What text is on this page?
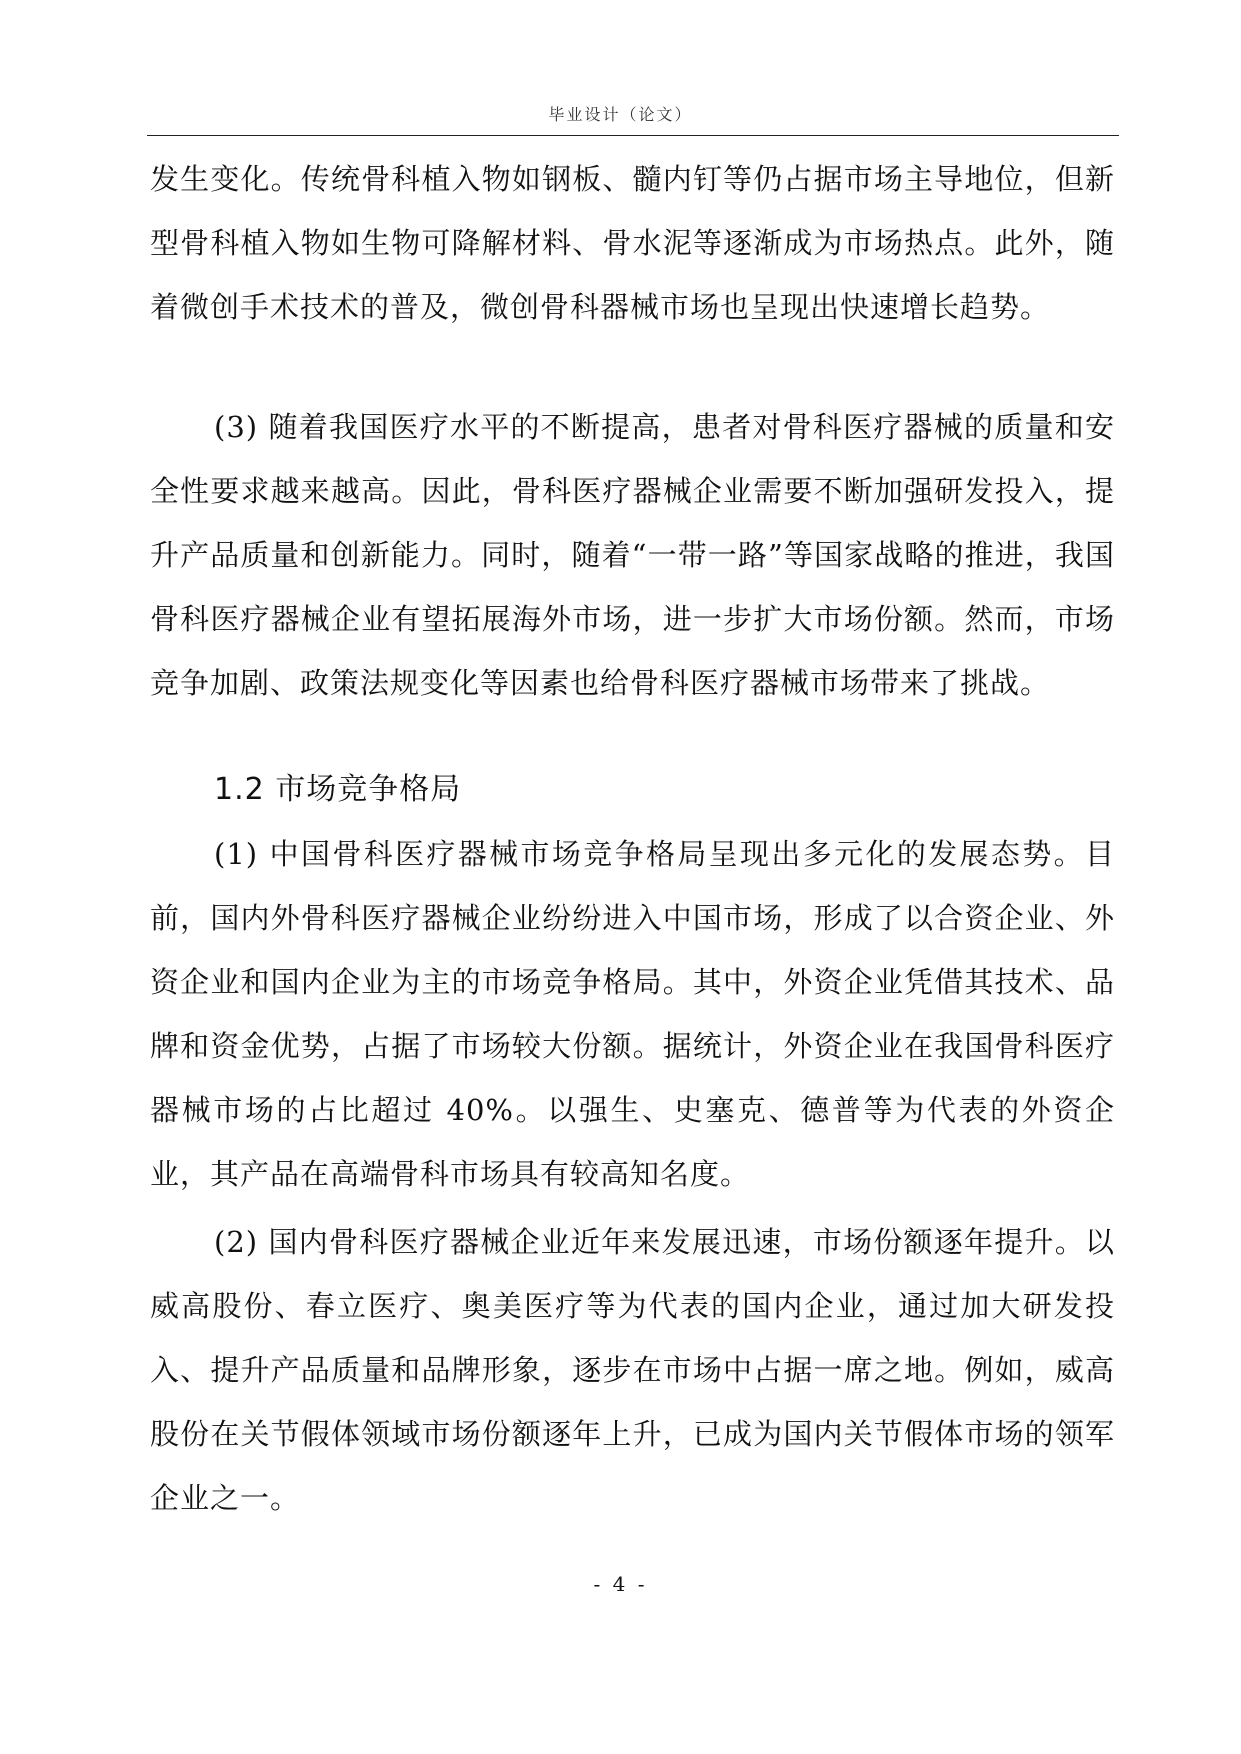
毕业设计（论文）

发生变化。传统骨科植入物如钢板、髓内钉等仍占据市场主导地位，但新型骨科植入物如生物可降解材料、骨水泥等逐渐成为市场热点。此外，随着微创手术技术的普及，微创骨科器械市场也呈现出快速增长趋势。

(3) 随着我国医疗水平的不断提高，患者对骨科医疗器械的质量和安全性要求越来越高。因此，骨科医疗器械企业需要不断加强研发投入，提升产品质量和创新能力。同时，随着“一带一路”等国家战略的推进，我国骨科医疗器械企业有望拓展海外市场，进一步扩大市场份额。然而，市场竞争加剧、政策法规变化等因素也给骨科医疗器械市场带来了挑战。

1.2 市场竞争格局

(1) 中国骨科医疗器械市场竞争格局呈现出多元化的发展态势。目前，国内外骨科医疗器械企业纷纷进入中国市场，形成了以合资企业、外资企业和国内企业为主的市场竞争格局。其中，外资企业凭借其技术、品牌和资金优势，占据了市场较大份额。据统计，外资企业在我国骨科医疗器械市场的占比超过 40%。以强生、史塞克、德普等为代表的外资企业，其产品在高端骨科市场具有较高知名度。

(2) 国内骨科医疗器械企业近年来发展迅速，市场份额逐年提升。以威高股份、春立医疗、奥美医疗等为代表的国内企业，通过加大研发投入、提升产品质量和品牌形象，逐步在市场中占据一席之地。例如，威高股份在关节假体领域市场份额逐年上升，已成为国内关节假体市场的领军企业之一。

- 4 -
